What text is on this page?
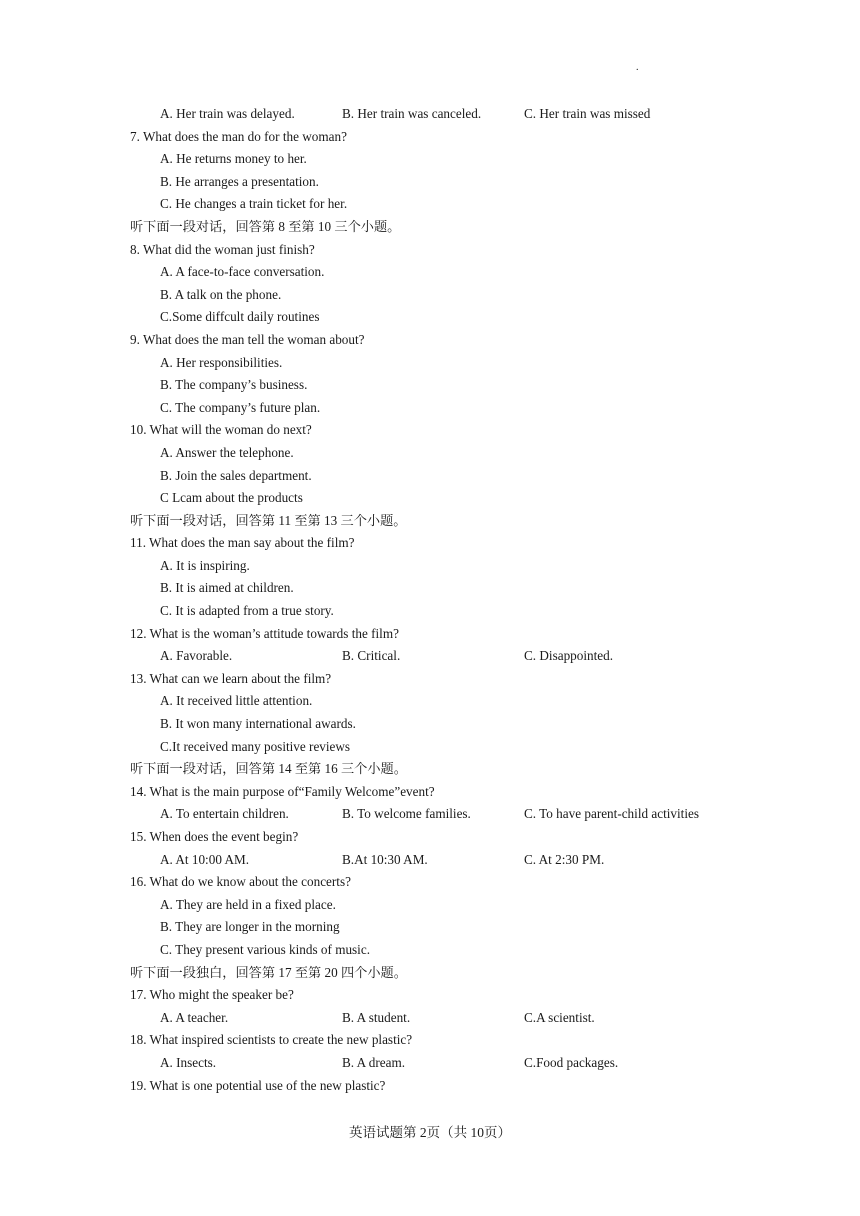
.
A. Her train was delayed.	B. Her train was canceled.	C. Her train was missed
7. What does the man do for the woman?
A. He returns money to her.
B. He arranges a presentation.
C. He changes a train ticket for her.
听下面一段对话，回答第 8 至第 10 三个小题。
8. What did the woman just finish?
A. A face-to-face conversation.
B. A talk on the phone.
C.Some diffcult daily routines
9. What does the man tell the woman about?
A. Her responsibilities.
B. The company’s business.
C. The company’s future plan.
10. What will the woman do next?
A. Answer the telephone.
B. Join the sales department.
C Lcam about the products
听下面一段对话，回答第 11 至第 13 三个小题。
11. What does the man say about the film?
A. It is inspiring.
B. It is aimed at children.
C. It is adapted from a true story.
12. What is the woman’s attitude towards the film?
A. Favorable.	B. Critical.	C. Disappointed.
13. What can we learn about the film?
A. It received little attention.
B. It won many international awards.
C.It received many positive reviews
听下面一段对话，回答第 14 至第 16 三个小题。
14. What is the main purpose of“Family Welcome”event?
A. To entertain children.	B. To welcome families.	C. To have parent-child activities
15. When does the event begin?
A. At 10:00 AM.	B.At 10:30 AM.	C. At 2:30 PM.
16. What do we know about the concerts?
A. They are held in a fixed place.
B. They are longer in the morning
C. They present various kinds of music.
听下面一段独白，回答第 17 至第 20 四个小题。
17. Who might the speaker be?
A. A teacher.	B. A student.	C.A scientist.
18. What inspired scientists to create the new plastic?
A. Insects.	B. A dream.	C.Food packages.
19. What is one potential use of the new plastic?
英语试题第 2页（共 10页）
